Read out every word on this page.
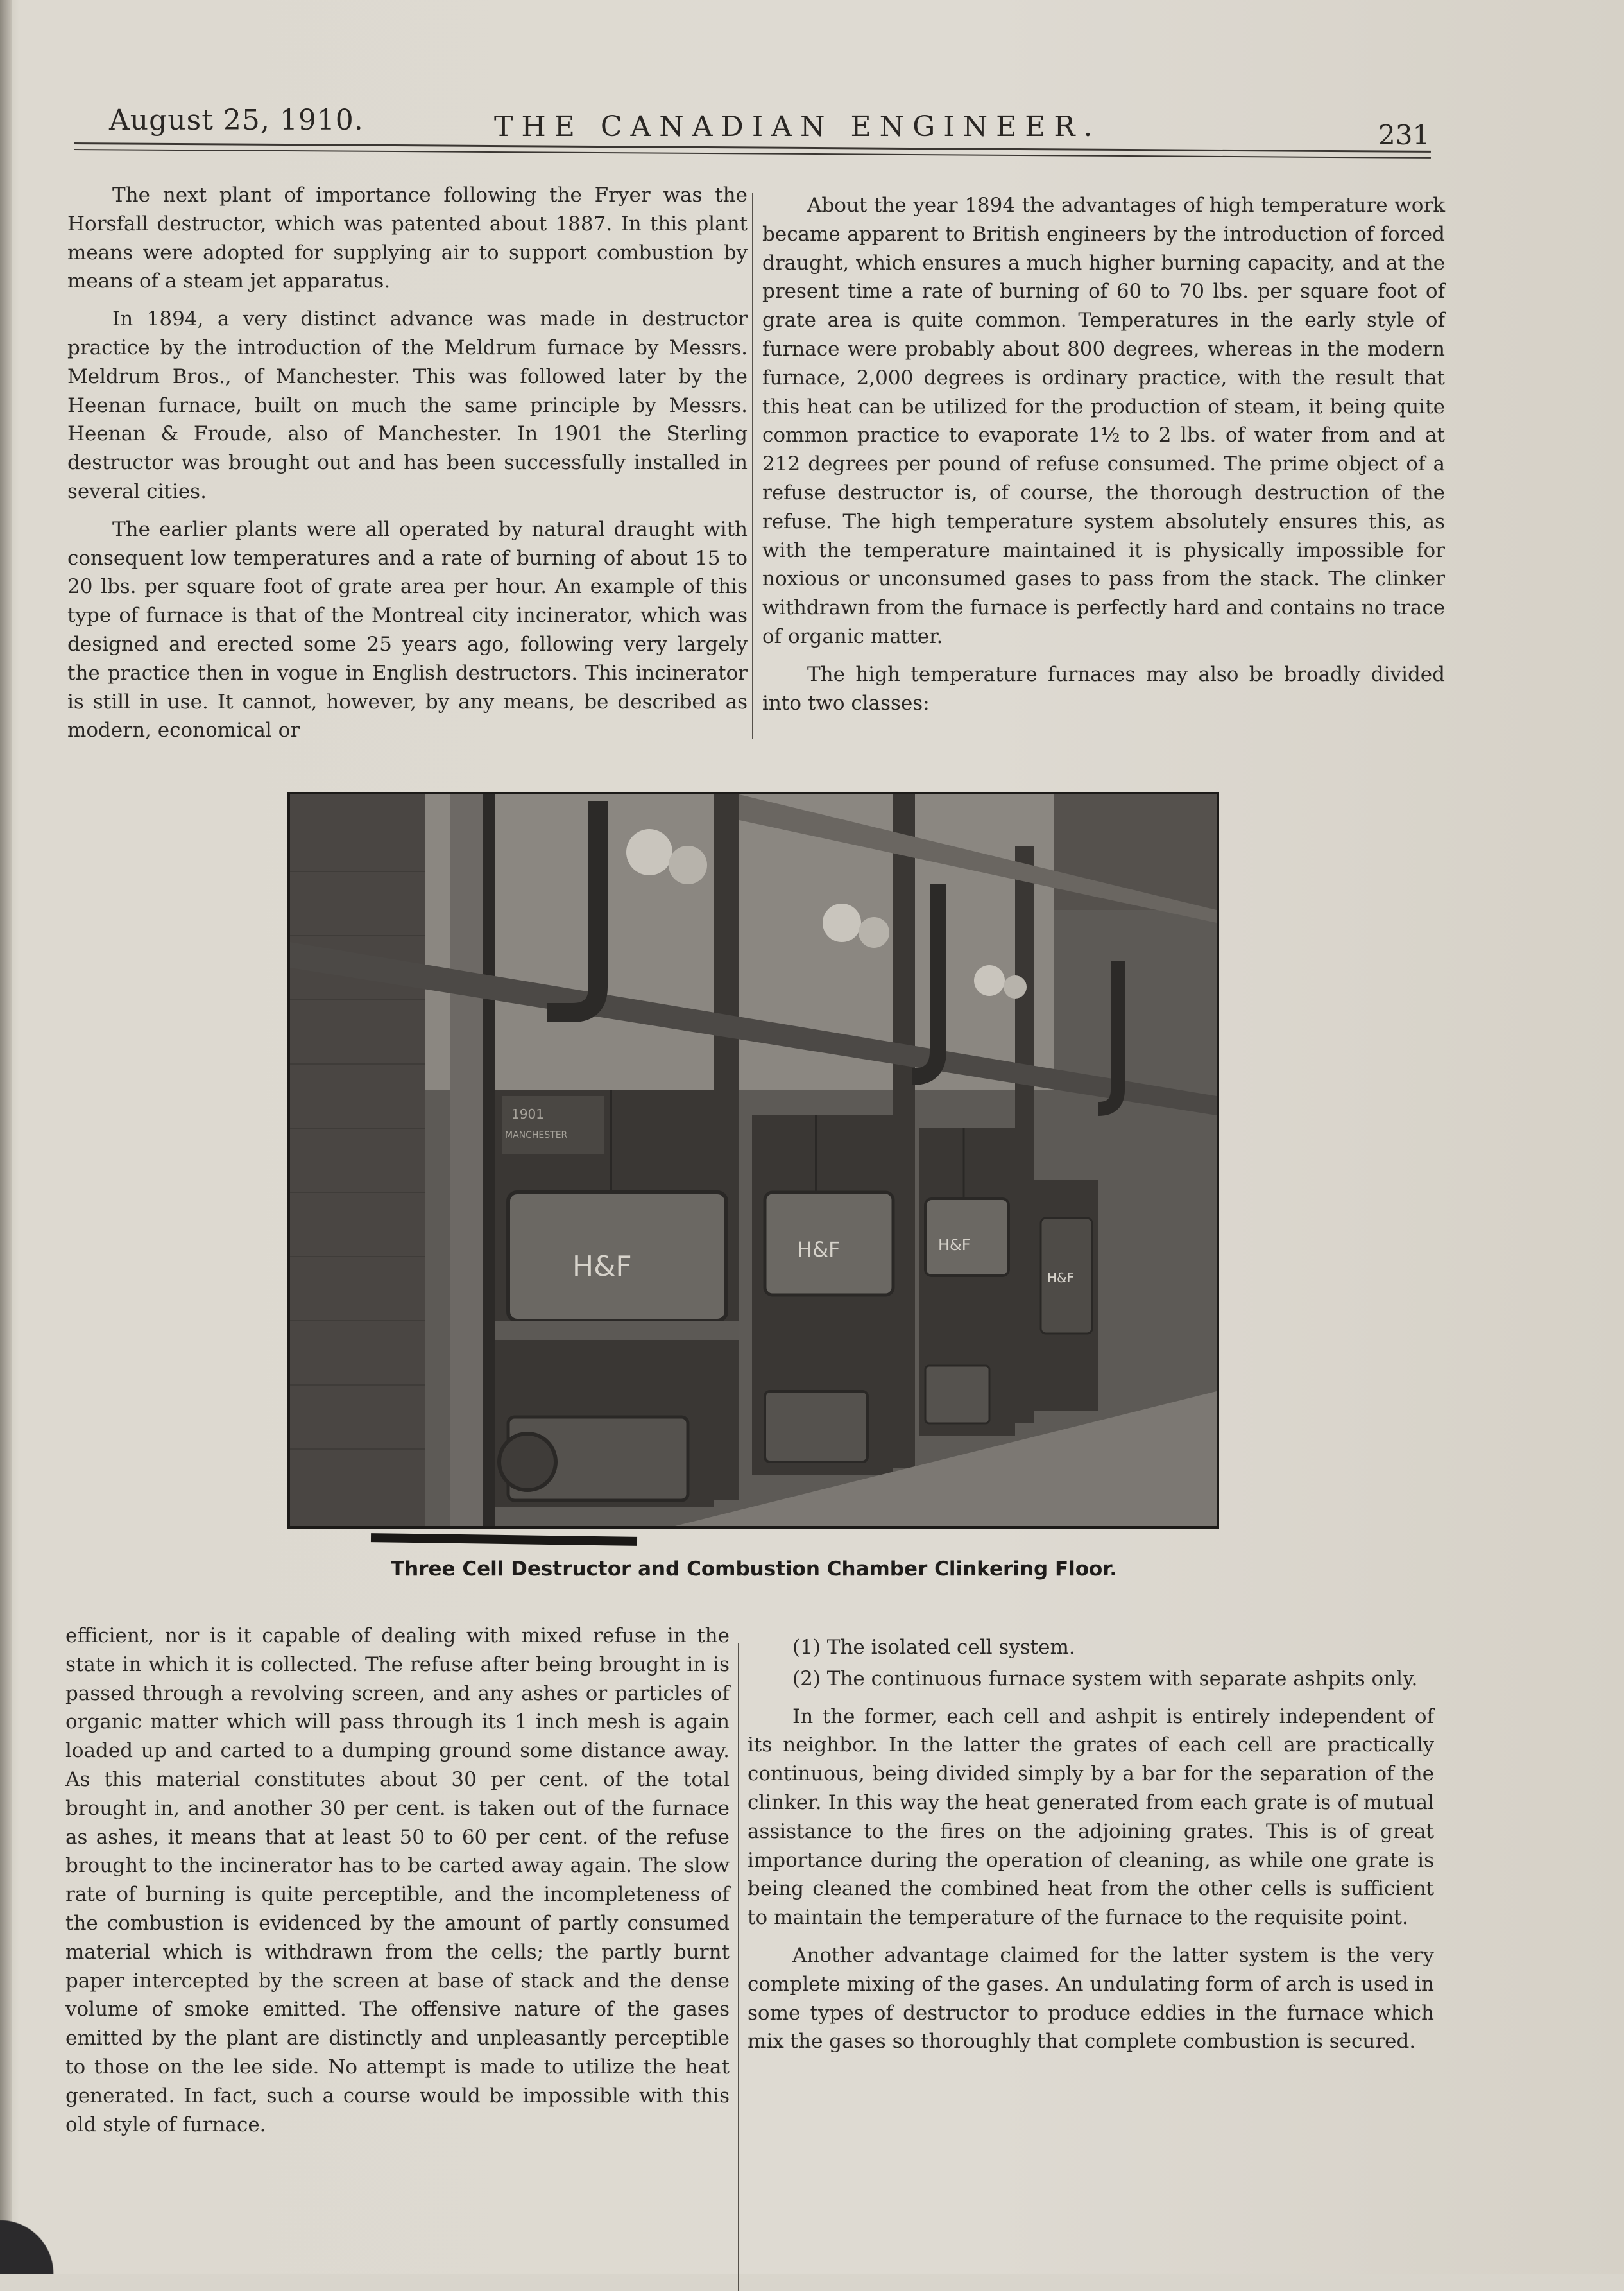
August 25, 1910.	THE CANADIAN ENGINEER.	231

The next plant of importance following the Fryer was the Horsfall destructor, which was patented about 1887. In this plant means were adopted for supplying air to support combustion by means of a steam jet apparatus.

In 1894, a very distinct advance was made in destructor practice by the introduction of the Meldrum furnace by Messrs. Meldrum Bros., of Manchester. This was followed later by the Heenan furnace, built on much the same principle by Messrs. Heenan & Froude, also of Manchester. In 1901 the Sterling destructor was brought out and has been successfully installed in several cities.

The earlier plants were all operated by natural draught with consequent low temperatures and a rate of burning of about 15 to 20 lbs. per square foot of grate area per hour. An example of this type of furnace is that of the Montreal city incinerator, which was designed and erected some 25 years ago, following very largely the practice then in vogue in English destructors. This incinerator is still in use. It cannot, however, by any means, be described as modern, economical or

About the year 1894 the advantages of high temperature work became apparent to British engineers by the introduction of forced draught, which ensures a much higher burning capacity, and at the present time a rate of burning of 60 to 70 lbs. per square foot of grate area is quite common. Temperatures in the early style of furnace were probably about 800 degrees, whereas in the modern furnace, 2,000 degrees is ordinary practice, with the result that this heat can be utilized for the production of steam, it being quite common practice to evaporate 1½ to 2 lbs. of water from and at 212 degrees per pound of refuse consumed. The prime object of a refuse destructor is, of course, the thorough destruction of the refuse. The high temperature system absolutely ensures this, as with the temperature maintained it is physically impossible for noxious or unconsumed gases to pass from the stack. The clinker withdrawn from the furnace is perfectly hard and contains no trace of organic matter.

The high temperature furnaces may also be broadly divided into two classes:

1901
MANCHESTER
H&F
H&F	H&F
H&F
Three Cell Destructor and Combustion Chamber Clinkering Floor.

efficient, nor is it capable of dealing with mixed refuse in the state in which it is collected. The refuse after being brought in is passed through a revolving screen, and any ashes or particles of organic matter which will pass through its 1 inch mesh is again loaded up and carted to a dumping ground some distance away. As this material constitutes about 30 per cent. of the total brought in, and another 30 per cent. is taken out of the furnace as ashes, it means that at least 50 to 60 per cent. of the refuse brought to the incinerator has to be carted away again. The slow rate of burning is quite perceptible, and the incompleteness of the combustion is evidenced by the amount of partly consumed material which is withdrawn from the cells; the partly burnt paper intercepted by the screen at base of stack and the dense volume of smoke emitted. The offensive nature of the gases emitted by the plant are distinctly and unpleasantly perceptible to those on the lee side. No attempt is made to utilize the heat generated. In fact, such a course would be impossible with this old style of furnace.

(1) The isolated cell system.

(2) The continuous furnace system with separate ashpits only.

In the former, each cell and ashpit is entirely independent of its neighbor. In the latter the grates of each cell are practically continuous, being divided simply by a bar for the separation of the clinker. In this way the heat generated from each grate is of mutual assistance to the fires on the adjoining grates. This is of great importance during the operation of cleaning, as while one grate is being cleaned the combined heat from the other cells is sufficient to maintain the temperature of the furnace to the requisite point.

Another advantage claimed for the latter system is the very complete mixing of the gases. An undulating form of arch is used in some types of destructor to produce eddies in the furnace which mix the gases so thoroughly that complete combustion is secured.
